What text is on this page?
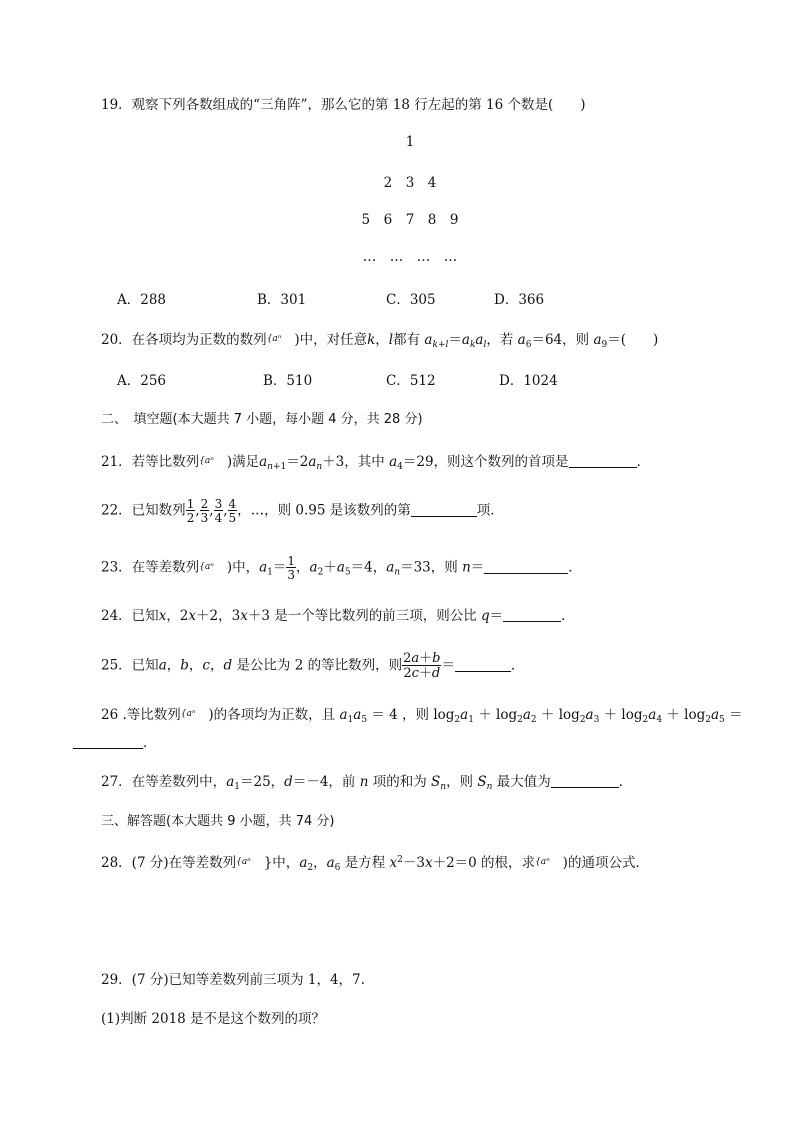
19．观察下列各数组成的“三角阵”，那么它的第 18 行左起的第 16 个数是(　　)
1
2　3　4
5　6　7　8　9
…　…　…　…
A．288	B．301	C．305	D．366
20．在各项均为正数的数列{aⁿ )中，对任意k，l都有 $a_{k+l}=a_ka_l$，若 $a_6=64$，则 $a_9=$(　　)
A．256	B．510	C．512	D．1024
二、　填空题(本大题共 7 小题，每小题 4 分，共 28 分)
21．若等比数列{aⁿ )满足$a_{n+1}=2a_n+3$，其中 $a_4=29$，则这个数列的首项是	．
22．已知数列 $\frac{1}{2}$ , $\frac{2}{3}$ , $\frac{3}{4}$ , $\frac{4}{5}$ ，…，则 0.95 是该数列的第	项．
23．在等差数列{aⁿ )中，$a_1= \frac{1}{3}$ ，$a_2+a_5=4$，$a_n=33$，则 n＝	．
24．已知x，2x＋2，3x＋3 是一个等比数列的前三项，则公比 q＝	．
25．已知a，b，c，d 是公比为 2 的等比数列，则 $\frac{2a+b}{2c+d}$ ＝	．
26 .等比数列{aⁿ )的各项均为正数，且 $a_1a_5 = 4$ ，则 $\log_2a_1 + \log_2a_2 + \log_2a_3 + \log_2a_4 + \log_2a_5$ ＝
．
27．在等差数列中，$a_1=25$，d＝－4，前 n 项的和为 $S_n$，则 $S_n$ 最大值为	．
三、解答题(本大题共 9 小题，共 74 分)
28．(7 分)在等差数列{aⁿ   }中，$a_2$，$a_6$ 是方程 $x^2-3x+2=0$ 的根，求{aⁿ   )的通项公式．
29．(7 分)已知等差数列前三项为 1，4，7.
(1)判断 2018 是不是这个数列的项？
